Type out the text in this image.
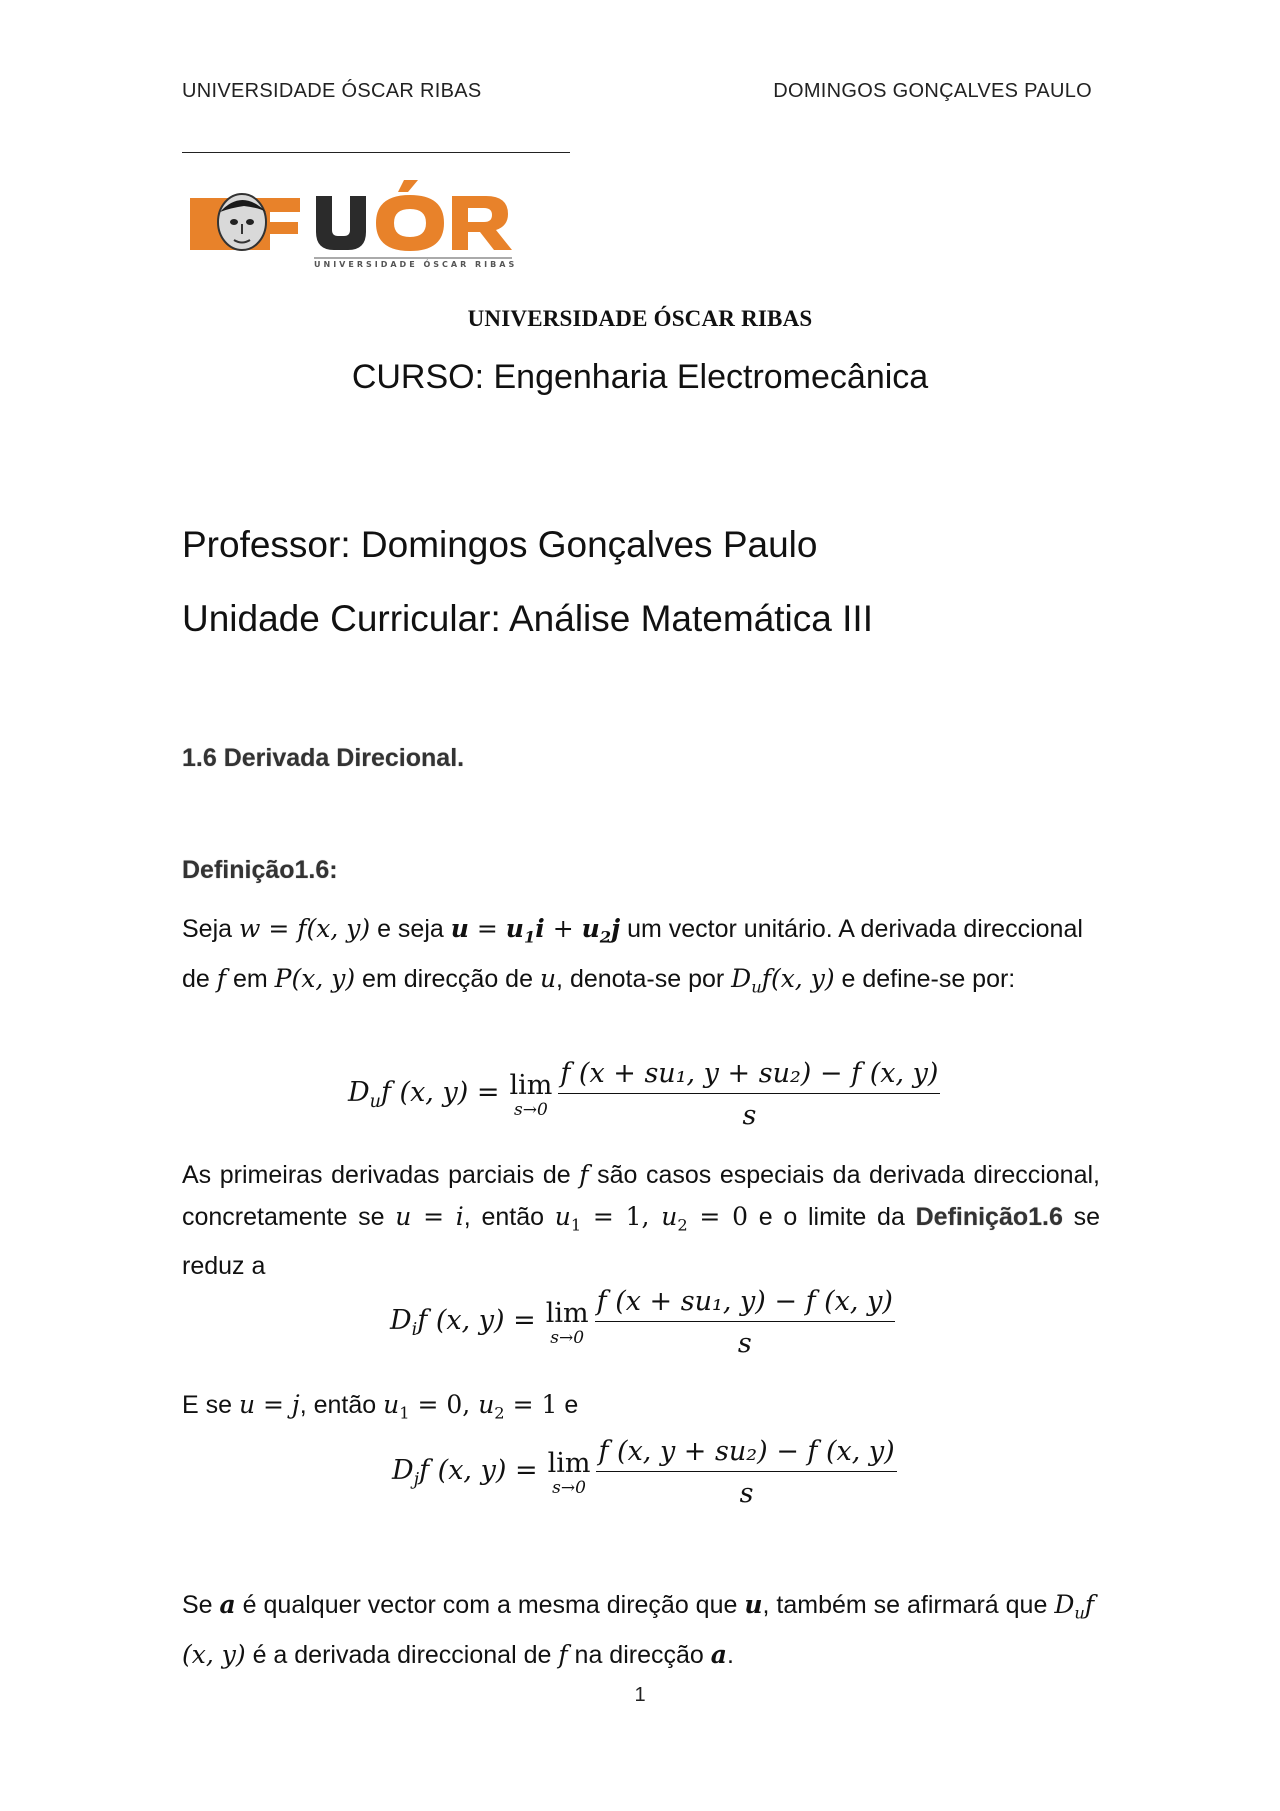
UNIVERSIDADE ÓSCAR RIBAS	DOMINGOS GONÇALVES PAULO
UNIVERSIDADE ÓSCAR RIBAS
UNIVERSIDADE ÓSCAR RIBAS
CURSO: Engenharia Electromecânica
Professor: Domingos Gonçalves Paulo
Unidade Curricular: Análise Matemática III
1.6 Derivada Direcional.
Definição1.6:
Seja w = f(x, y) e seja $u = u_1i + u_2j$ um vector unitário. A derivada direccional de f em P(x, y) em direcção de u, denota-se por $D_uf(x$, y) e define-se por:
$D_uf$ (x, y) = lim
$s\to 0 \frac{\text{f (x + su₁, y + su₂) − f (x, y)}}{s}$
As primeiras derivadas parciais de f são casos especiais da derivada direccional, concretamente se u = i, então $u_1 = 1$, $u_2 = 0$ e o limite da Definição1.6 se reduz a
$D_if$ (x, y) = lim
$s\to 0 \frac{\text{f (x + su₁, y) − f (x, y)}}{s}$
E se u = j, então $u_1 = 0$, $u_2 = 1$ e
$D_jf$ (x, y) = lim
$s\to 0 \frac{\text{f (x, y + su₂) − f (x, y)}}{s}$
Se a é qualquer vector com a mesma direção que u, também se afirmará que $D_uf$ (x, y) é a derivada direccional de f na direcção a.
1
